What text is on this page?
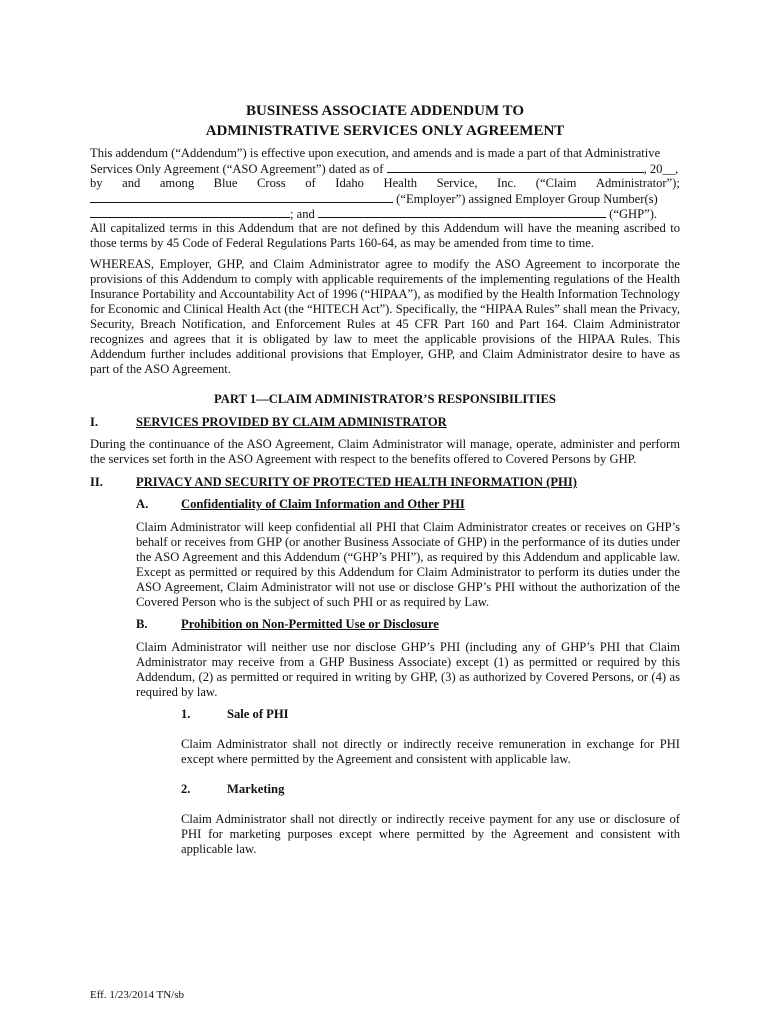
BUSINESS ASSOCIATE ADDENDUM TO
ADMINISTRATIVE SERVICES ONLY AGREEMENT
This addendum (“Addendum”) is effective upon execution, and amends and is made a part of that Administrative
Services Only Agreement (“ASO Agreement”) dated as of	, 20__,
by and among Blue Cross of Idaho Health Service, Inc. (“Claim Administrator”);
(“Employer”) assigned Employer Group Number(s)
; and	(“GHP”).
All capitalized terms in this Addendum that are not defined by this Addendum will have the meaning ascribed to those terms by 45 Code of Federal Regulations Parts 160-64, as may be amended from time to time.
WHEREAS, Employer, GHP, and Claim Administrator agree to modify the ASO Agreement to incorporate the provisions of this Addendum to comply with applicable requirements of the implementing regulations of the Health Insurance Portability and Accountability Act of 1996 (“HIPAA”), as modified by the Health Information Technology for Economic and Clinical Health Act (the “HITECH Act”). Specifically, the “HIPAA Rules” shall mean the Privacy, Security, Breach Notification, and Enforcement Rules at 45 CFR Part 160 and Part 164. Claim Administrator recognizes and agrees that it is obligated by law to meet the applicable provisions of the HIPAA Rules. This Addendum further includes additional provisions that Employer, GHP, and Claim Administrator desire to have as part of the ASO Agreement.
PART 1—CLAIM ADMINISTRATOR’S RESPONSIBILITIES
I.	SERVICES PROVIDED BY CLAIM ADMINISTRATOR
During the continuance of the ASO Agreement, Claim Administrator will manage, operate, administer and perform the services set forth in the ASO Agreement with respect to the benefits offered to Covered Persons by GHP.
II.	PRIVACY AND SECURITY OF PROTECTED HEALTH INFORMATION (PHI)
A.	Confidentiality of Claim Information and Other PHI
Claim Administrator will keep confidential all PHI that Claim Administrator creates or receives on GHP’s behalf or receives from GHP (or another Business Associate of GHP) in the performance of its duties under the ASO Agreement and this Addendum (“GHP’s PHI”), as required by this Addendum and applicable law. Except as permitted or required by this Addendum for Claim Administrator to perform its duties under the ASO Agreement, Claim Administrator will not use or disclose GHP’s PHI without the authorization of the Covered Person who is the subject of such PHI or as required by Law.
B.	Prohibition on Non-Permitted Use or Disclosure
Claim Administrator will neither use nor disclose GHP’s PHI (including any of GHP’s PHI that Claim Administrator may receive from a GHP Business Associate) except (1) as permitted or required by this Addendum, (2) as permitted or required in writing by GHP, (3) as authorized by Covered Persons, or (4) as required by law.
1.	Sale of PHI
Claim Administrator shall not directly or indirectly receive remuneration in exchange for PHI except where permitted by the Agreement and consistent with applicable law.
2.	Marketing
Claim Administrator shall not directly or indirectly receive payment for any use or disclosure of PHI for marketing purposes except where permitted by the Agreement and consistent with applicable law.
Eff. 1/23/2014 TN/sb
